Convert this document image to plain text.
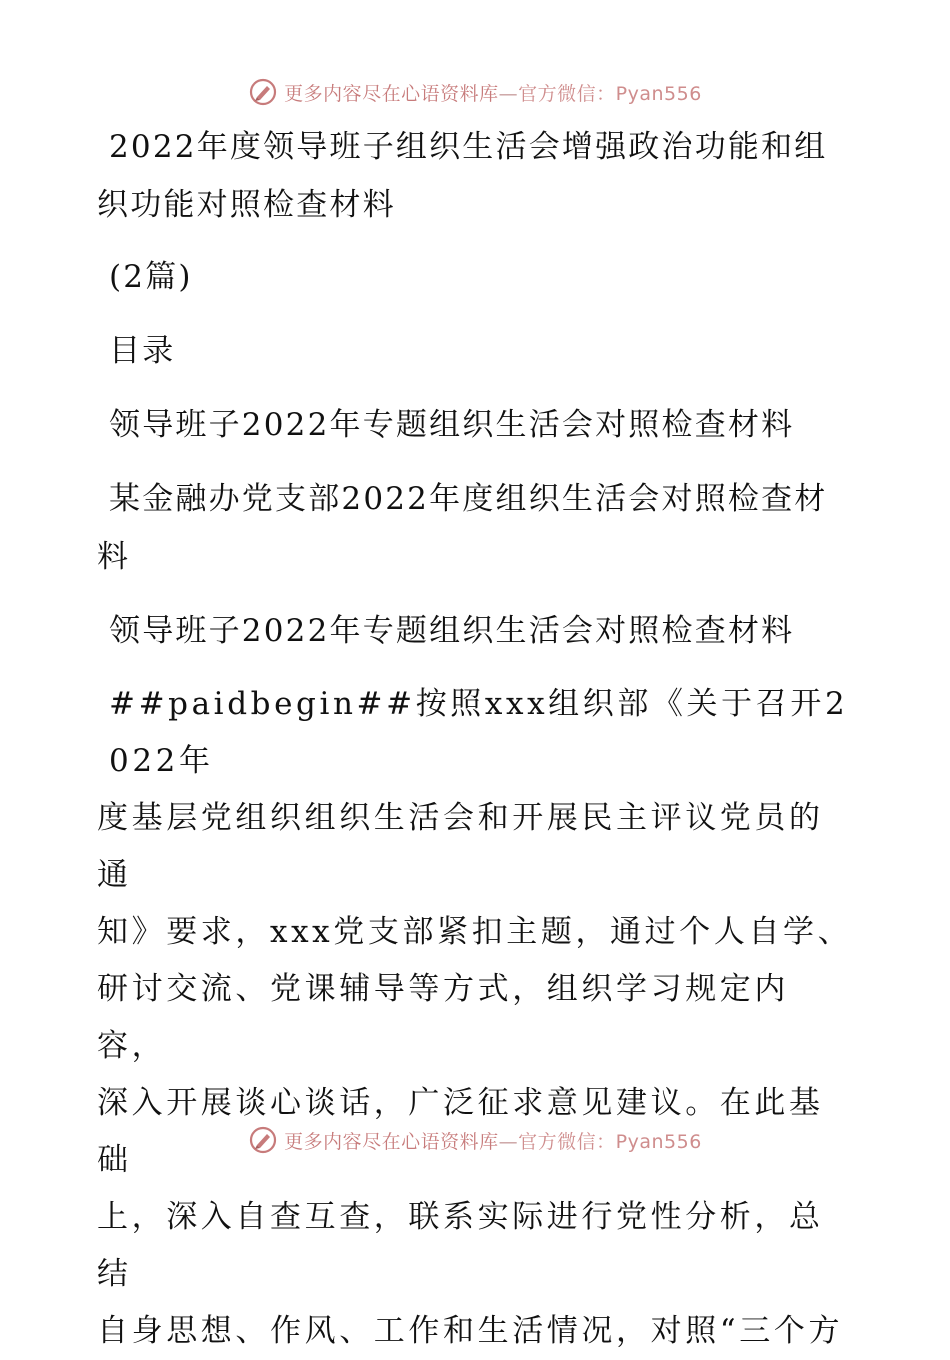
更多内容尽在心语资料库—官方微信：Pyan556
2022年度领导班子组织生活会增强政治功能和组
织功能对照检查材料
(2篇)
目录
领导班子2022年专题组织生活会对照检查材料
某金融办党支部2022年度组织生活会对照检查材
料
领导班子2022年专题组织生活会对照检查材料
##paidbegin##按照xxx组织部《关于召开2022年
度基层党组织组织生活会和开展民主评议党员的通
知》要求，xxx党支部紧扣主题，通过个人自学、
研讨交流、党课辅导等方式，组织学习规定内容，
深入开展谈心谈话，广泛征求意见建议。在此基础
上，深入自查互查，联系实际进行党性分析，总结
自身思想、作风、工作和生活情况，对照“三个方
更多内容尽在心语资料库—官方微信：Pyan556
